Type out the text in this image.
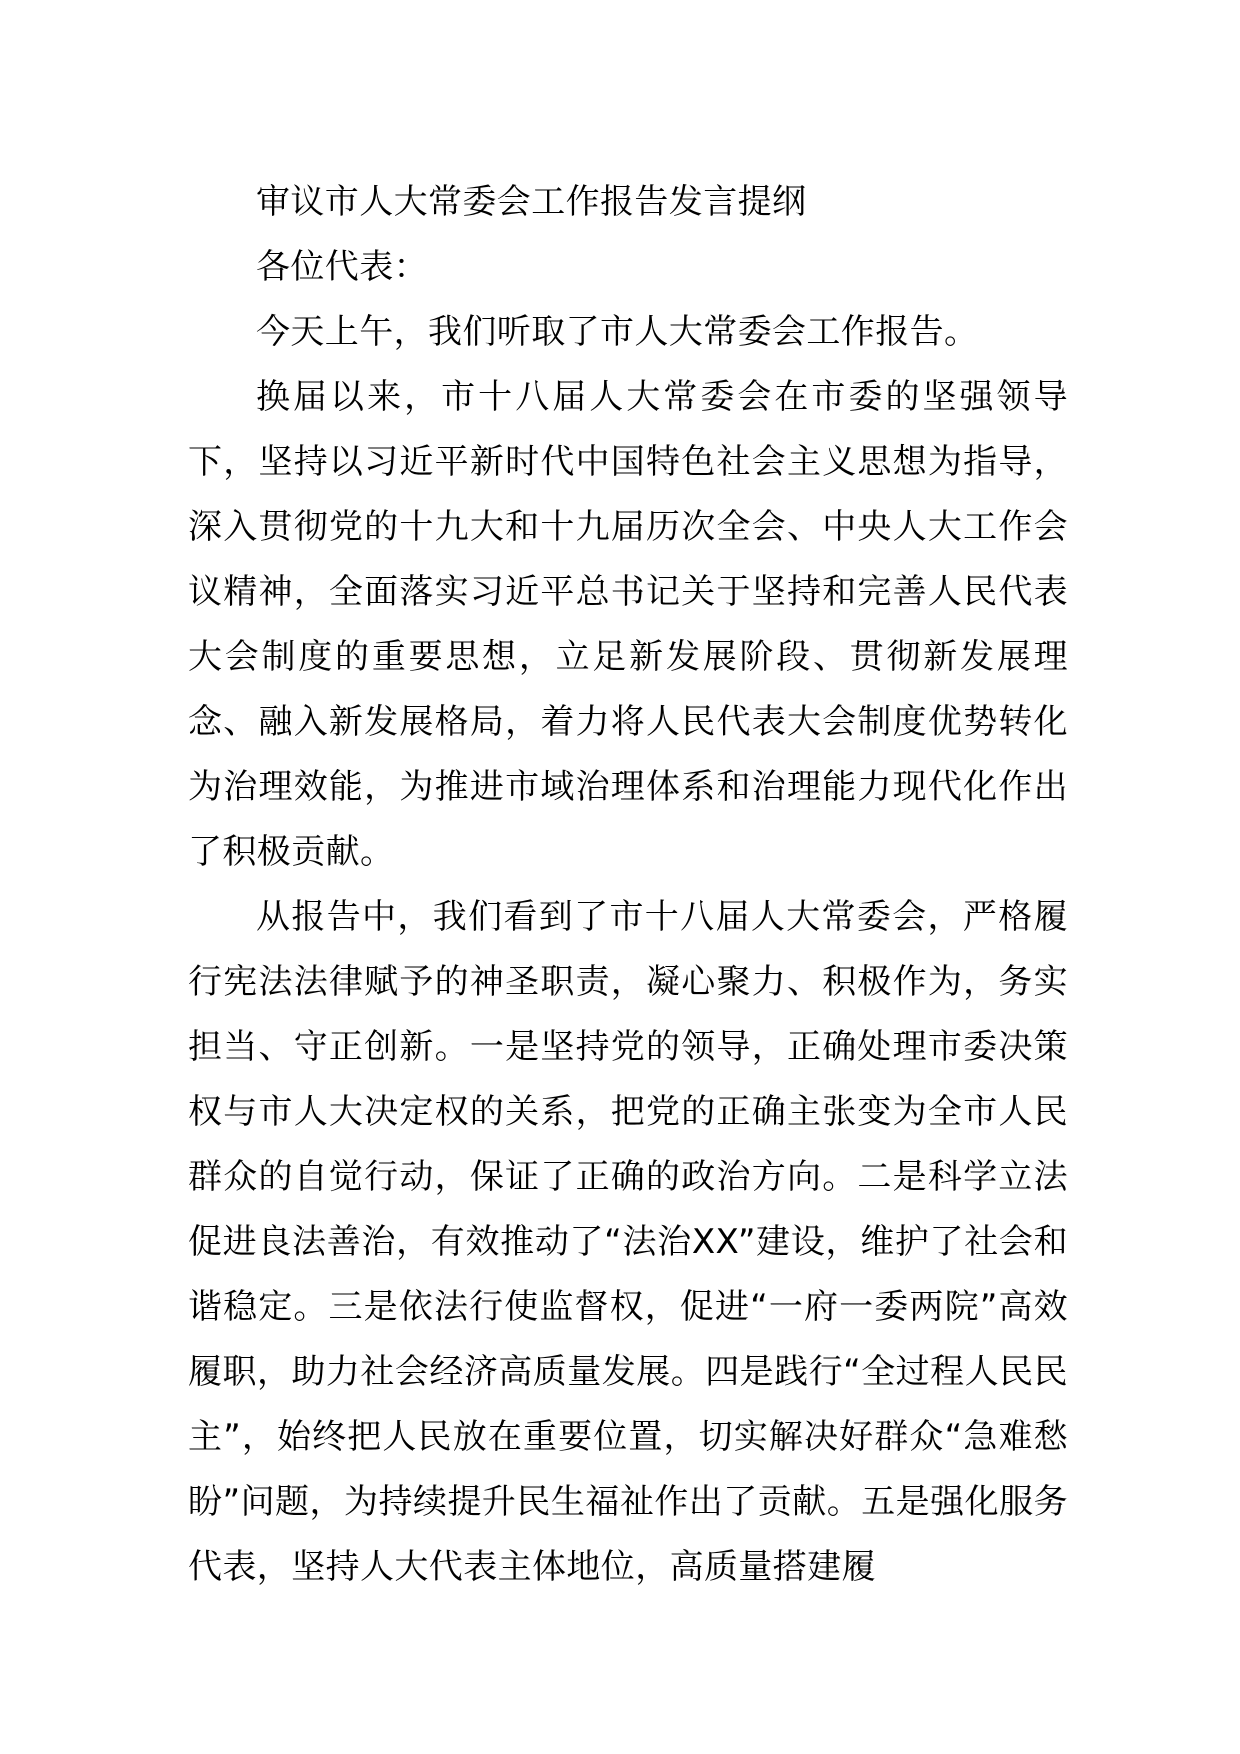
审议市人大常委会工作报告发言提纲

各位代表：

今天上午，我们听取了市人大常委会工作报告。

换届以来，市十八届人大常委会在市委的坚强领导下，坚持以习近平新时代中国特色社会主义思想为指导，深入贯彻党的十九大和十九届历次全会、中央人大工作会议精神，全面落实习近平总书记关于坚持和完善人民代表大会制度的重要思想，立足新发展阶段、贯彻新发展理念、融入新发展格局，着力将人民代表大会制度优势转化为治理效能，为推进市域治理体系和治理能力现代化作出了积极贡献。

从报告中，我们看到了市十八届人大常委会，严格履行宪法法律赋予的神圣职责，凝心聚力、积极作为，务实担当、守正创新。一是坚持党的领导，正确处理市委决策权与市人大决定权的关系，把党的正确主张变为全市人民群众的自觉行动，保证了正确的政治方向。二是科学立法促进良法善治，有效推动了“法治XX”建设，维护了社会和谐稳定。三是依法行使监督权，促进“一府一委两院”高效履职，助力社会经济高质量发展。四是践行“全过程人民民主”，始终把人民放在重要位置，切实解决好群众“急难愁盼”问题，为持续提升民生福祉作出了贡献。五是强化服务代表，坚持人大代表主体地位，高质量搭建履
